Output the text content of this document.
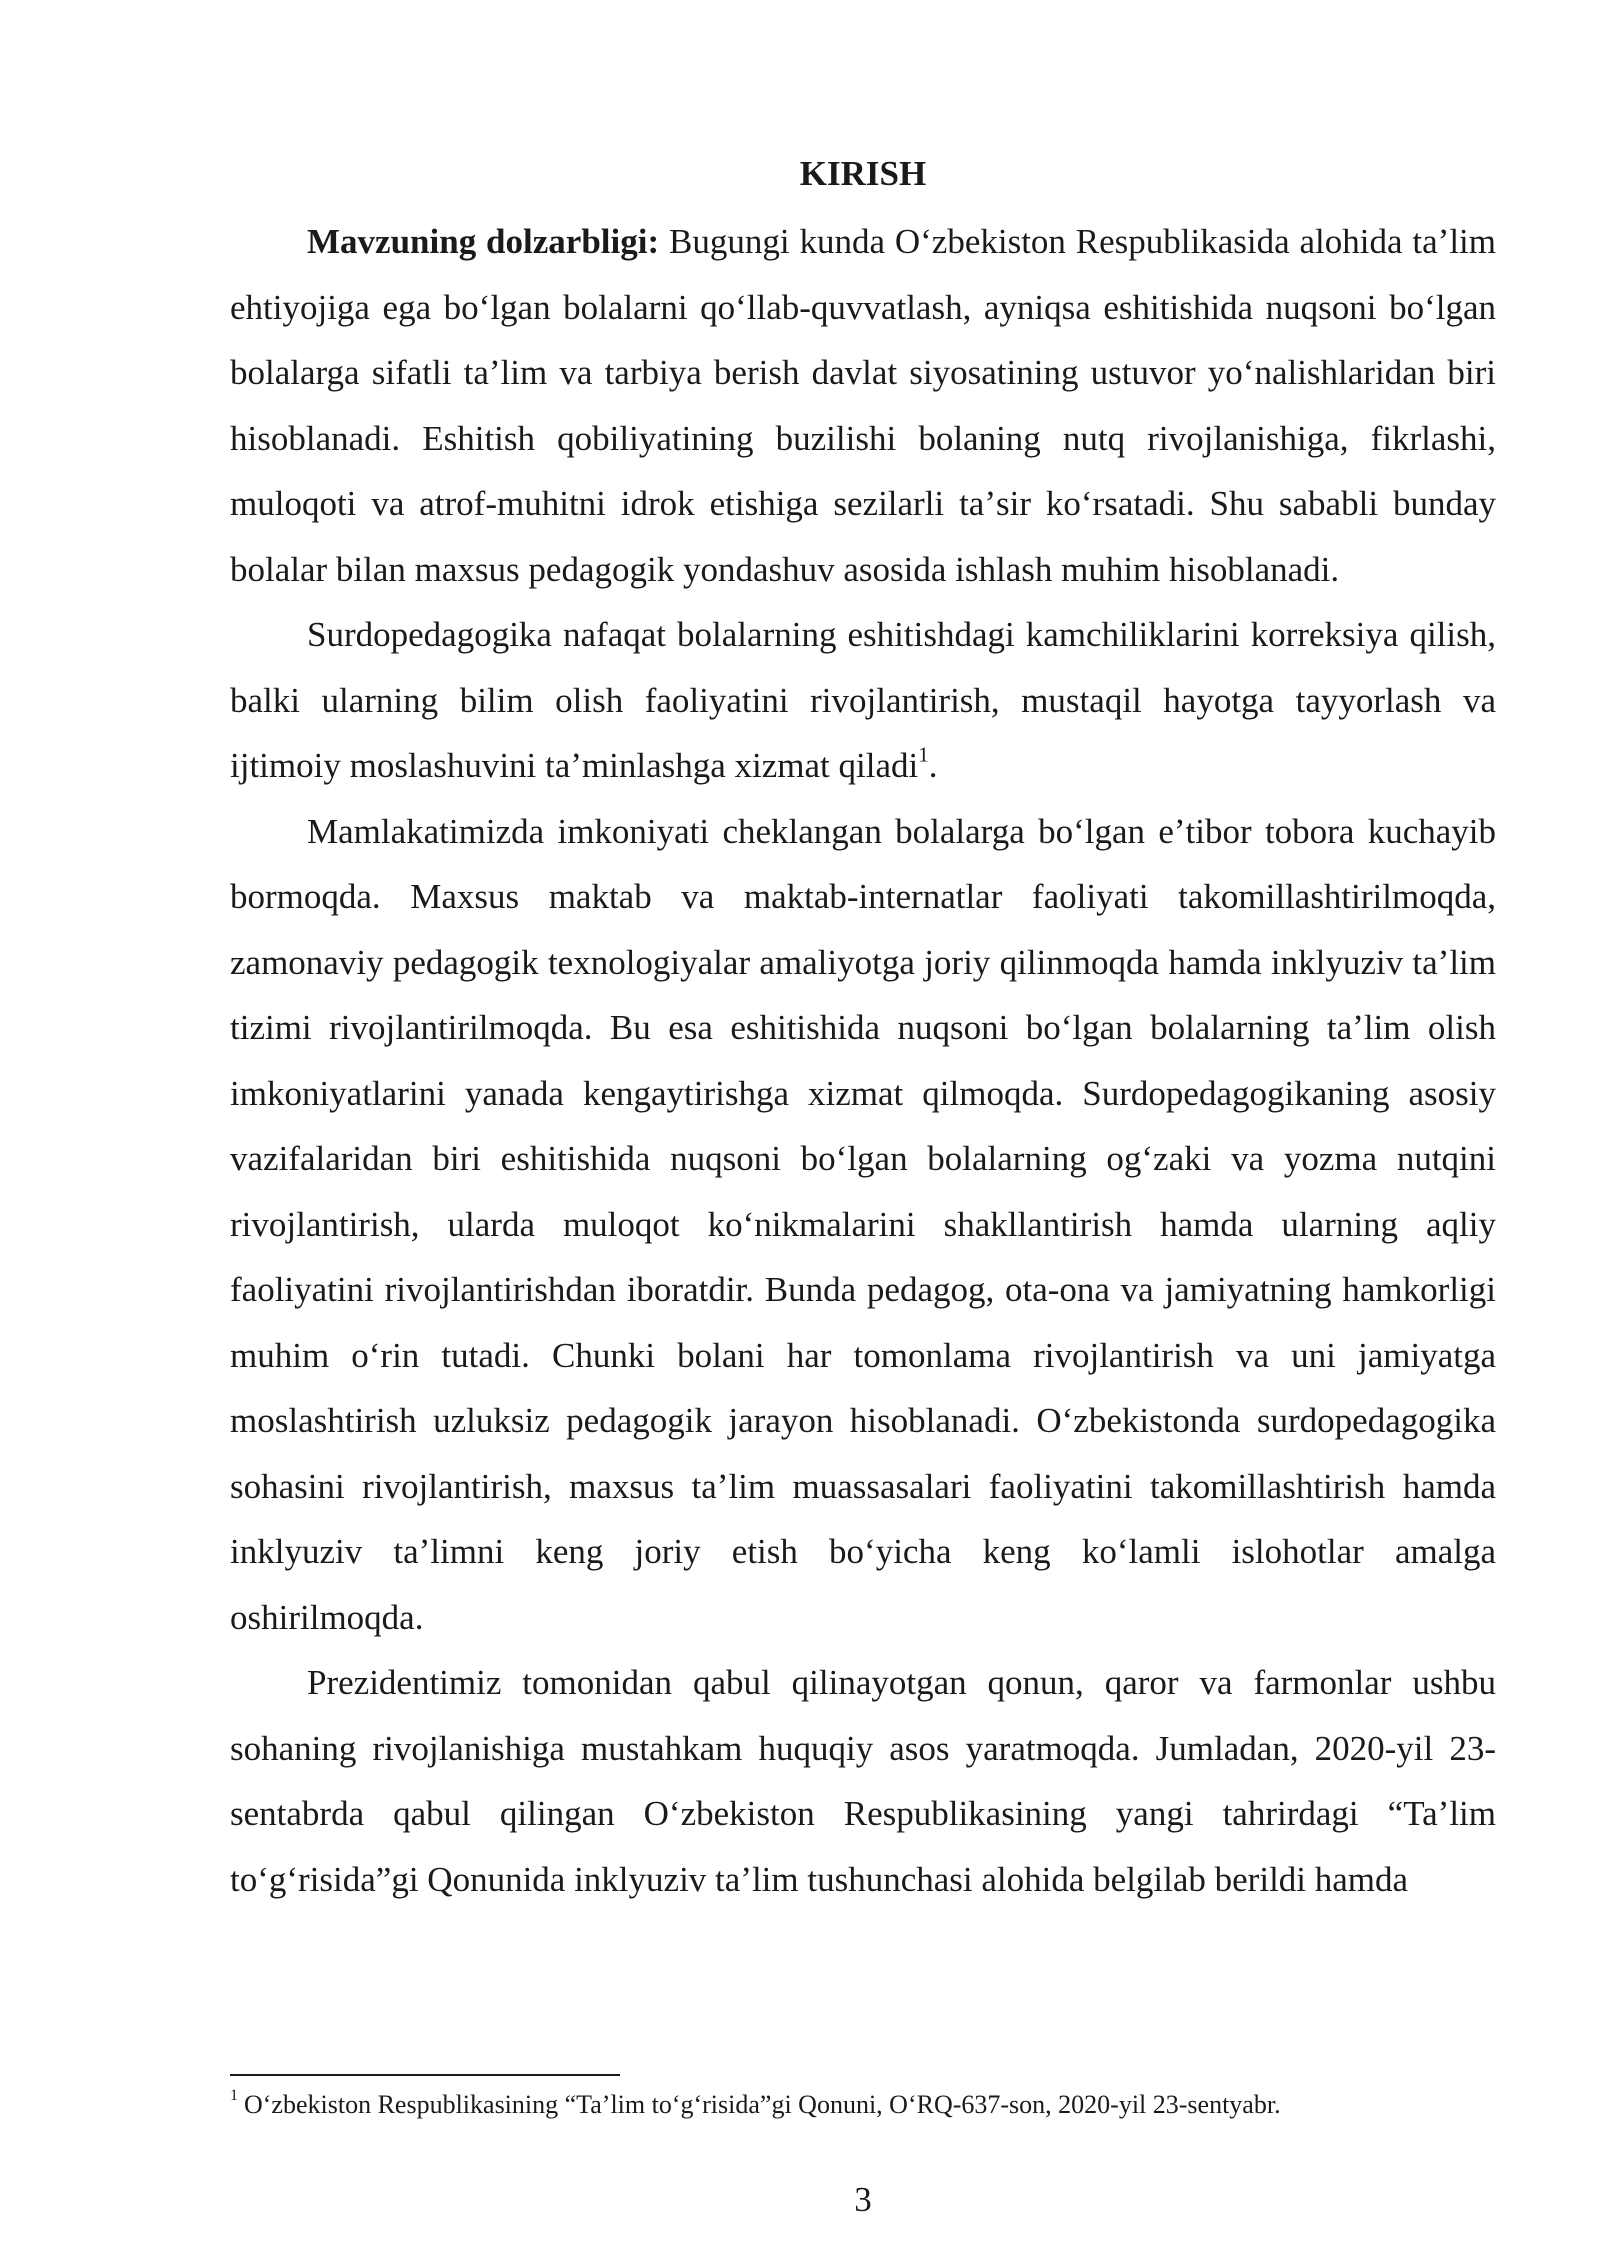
KIRISH

Mavzuning dolzarbligi: Bugungi kunda Oʻzbekiston Respublikasida alohida taʼlim ehtiyojiga ega boʻlgan bolalarni qoʻllab-quvvatlash, ayniqsa eshitishida nuqsoni boʻlgan bolalarga sifatli taʼlim va tarbiya berish davlat siyosatining ustuvor yoʻnalishlaridan biri hisoblanadi. Eshitish qobiliyatining buzilishi bolaning nutq rivojlanishiga, fikrlashi, muloqoti va atrof-muhitni idrok etishiga sezilarli taʼsir koʻrsatadi. Shu sababli bunday bolalar bilan maxsus pedagogik yondashuv asosida ishlash muhim hisoblanadi.

Surdopedagogika nafaqat bolalarning eshitishdagi kamchiliklarini korreksiya qilish, balki ularning bilim olish faoliyatini rivojlantirish, mustaqil hayotga tayyorlash va ijtimoiy moslashuvini taʼminlashga xizmat qiladi$^1$.

Mamlakatimizda imkoniyati cheklangan bolalarga boʻlgan eʼtibor tobora kuchayib bormoqda. Maxsus maktab va maktab-internatlar faoliyati takomillashtirilmoqda, zamonaviy pedagogik texnologiyalar amaliyotga joriy qilinmoqda hamda inklyuziv taʼlim tizimi rivojlantirilmoqda. Bu esa eshitishida nuqsoni boʻlgan bolalarning taʼlim olish imkoniyatlarini yanada kengaytirishga xizmat qilmoqda. Surdopedagogikaning asosiy vazifalaridan biri eshitishida nuqsoni boʻlgan bolalarning ogʻzaki va yozma nutqini rivojlantirish, ularda muloqot koʻnikmalarini shakllantirish hamda ularning aqliy faoliyatini rivojlantirishdan iboratdir. Bunda pedagog, ota-ona va jamiyatning hamkorligi muhim oʻrin tutadi. Chunki bolani har tomonlama rivojlantirish va uni jamiyatga moslashtirish uzluksiz pedagogik jarayon hisoblanadi. Oʻzbekistonda surdopedagogika sohasini rivojlantirish, maxsus taʼlim muassasalari faoliyatini takomillashtirish hamda inklyuziv taʼlimni keng joriy etish boʻyicha keng koʻlamli islohotlar amalga oshirilmoqda.

Prezidentimiz tomonidan qabul qilinayotgan qonun, qaror va farmonlar ushbu sohaning rivojlanishiga mustahkam huquqiy asos yaratmoqda. Jumladan, 2020-yil 23-sentabrda qabul qilingan Oʻzbekiston Respublikasining yangi tahrirdagi “Taʼlim toʻgʻrisida”gi Qonunida inklyuziv taʼlim tushunchasi alohida belgilab berildi hamda

$^1$ Oʻzbekiston Respublikasining “Taʼlim toʻgʻrisida”gi Qonuni, OʻRQ-637-son, 2020-yil 23-sentyabr.
3
